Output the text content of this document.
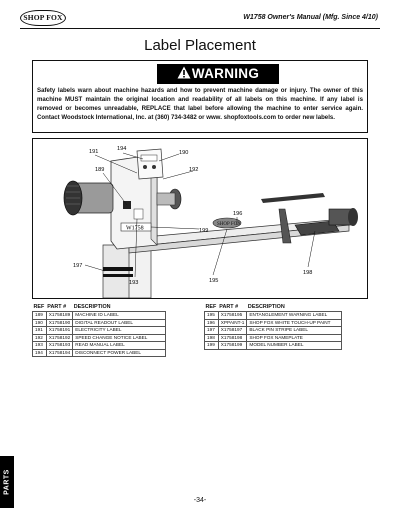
SHOP FOX	W1758 Owner's Manual (Mfg. Since 4/10)
Label Placement
WARNING
Safety labels warn about machine hazards and how to prevent machine damage or injury. The owner of this machine MUST maintain the original location and readability of all labels on this machine. If any label is removed or becomes unreadable, REPLACE that label before allowing the machine to enter service again. Contact Woodstock International, Inc. at (360) 734-3482 or www. shopfoxtools.com to order new labels.
W1758
SHOP FOX
191	194
190
189	192
196
199
197
193	195
198
REF	PART #	DESCRIPTION
189	X1758189	MACHINE ID LABEL
190	X1758190	DIGITAL READOUT LABEL
191	X1758191	ELECTRICITY LABEL
192	X1758192	SPEED CHANGE NOTICE LABEL
193	X1758193	READ MANUAL LABEL
194	X1758194	DISCONNECT POWER LABEL
REF	PART #	DESCRIPTION
195	X1758195	ENTANGLEMENT WARNING LABEL
196	XPPAINT-1	SHOP FOX WHITE TOUCH-UP PAINT
197	X1758197	BLACK PIN STRIPE LABEL
198	X1758198	SHOP FOX NAMEPLATE
199	X1758199	MODEL NUMBER LABEL
PARTS
-34-
